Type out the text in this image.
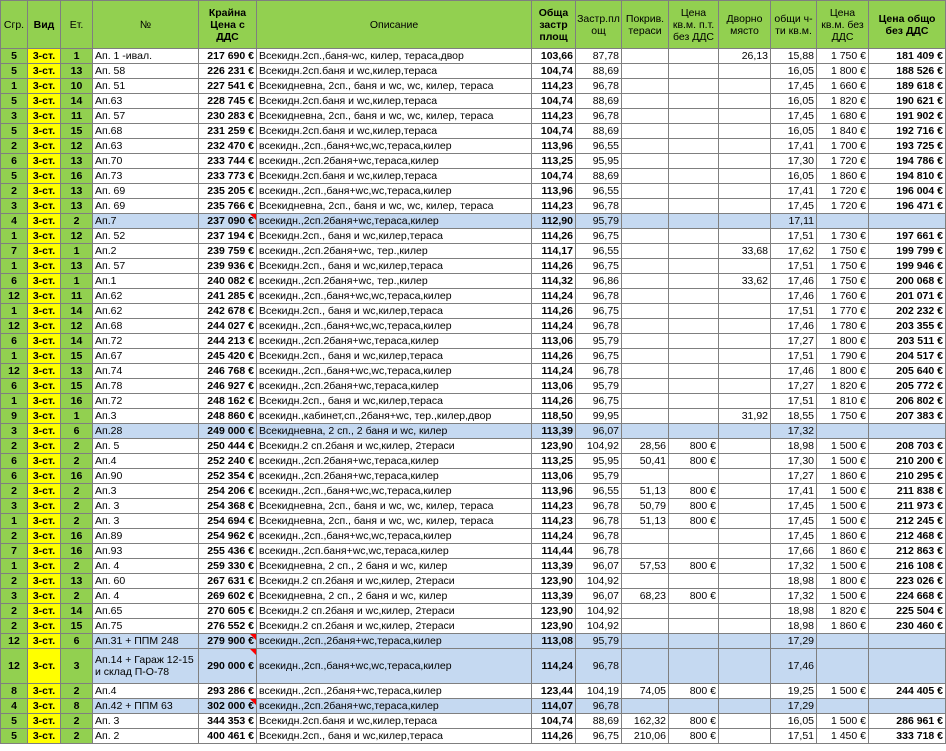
Сгр.	Вид	Ет.	№	Крайна Цена с ДДС	Описание	Обща застр площ	Застр.пл ощ	Покрив. тераси	Цена кв.м. п.т. без ДДС	Дворно място	общи ч-ти кв.м.	Цена кв.м. без ДДС	Цена общо без ДДС
5	3-ст.	1	Ап. 1 -ивал.	217 690 €	Всекидн.2сп.,баня-wc, килер, тераса,двор	103,66	87,78			26,13	15,88	1 750 €	181 409 €
5	3-ст.	13	Ап. 58	226 231 €	Всекидн.2сп.баня и wc,килер,тераса	104,74	88,69				16,05	1 800 €	188 526 €
1	3-ст.	10	Ап. 51	227 541 €	Всекидневна, 2сп., баня и wc, wc, килер, тераса	114,23	96,78				17,45	1 660 €	189 618 €
5	3-ст.	14	Ап.63	228 745 €	Всекидн.2сп.баня и wc,килер,тераса	104,74	88,69				16,05	1 820 €	190 621 €
3	3-ст.	11	Ап. 57	230 283 €	Всекидневна, 2сп., баня и wc, wc, килер, тераса	114,23	96,78				17,45	1 680 €	191 902 €
5	3-ст.	15	Ап.68	231 259 €	Всекидн.2сп.баня и wc,килер,тераса	104,74	88,69				16,05	1 840 €	192 716 €
2	3-ст.	12	Ап.63	232 470 €	всекидн.,2сп.,баня+wc,wc,тераса,килер	113,96	96,55				17,41	1 700 €	193 725 €
6	3-ст.	13	Ап.70	233 744 €	всекидн.,2сп.2баня+wc,тераса,килер	113,25	95,95				17,30	1 720 €	194 786 €
5	3-ст.	16	Ап.73	233 773 €	Всекидн.2сп.баня и wc,килер,тераса	104,74	88,69				16,05	1 860 €	194 810 €
2	3-ст.	13	Ап. 69	235 205 €	всекидн.,2сп.,баня+wc,wc,тераса,килер	113,96	96,55				17,41	1 720 €	196 004 €
3	3-ст.	13	Ап. 69	235 766 €	Всекидневна, 2сп., баня и wc, wc, килер, тераса	114,23	96,78				17,45	1 720 €	196 471 €
4	3-ст.	2	Ап.7	237 090 €	всекидн.,2сп.2баня+wc,тераса,килер	112,90	95,79				17,11		
1	3-ст.	12	Ап. 52	237 194 €	Всекидн.2сп., баня и wc,килер,тераса	114,26	96,75				17,51	1 730 €	197 661 €
7	3-ст.	1	Ап.2	239 759 €	всекидн.,2сп.2баня+wc, тер.,килер	114,17	96,55			33,68	17,62	1 750 €	199 799 €
1	3-ст.	13	Ап. 57	239 936 €	Всекидн.2сп., баня и wc,килер,тераса	114,26	96,75				17,51	1 750 €	199 946 €
6	3-ст.	1	Ап.1	240 082 €	всекидн.,2сп.2баня+wc, тер.,килер	114,32	96,86			33,62	17,46	1 750 €	200 068 €
12	3-ст.	11	Ап.62	241 285 €	всекидн.,2сп.,баня+wc,wc,тераса,килер	114,24	96,78				17,46	1 760 €	201 071 €
1	3-ст.	14	Ап.62	242 678 €	Всекидн.2сп., баня и wc,килер,тераса	114,26	96,75				17,51	1 770 €	202 232 €
12	3-ст.	12	Ап.68	244 027 €	всекидн.,2сп.,баня+wc,wc,тераса,килер	114,24	96,78				17,46	1 780 €	203 355 €
6	3-ст.	14	Ап.72	244 213 €	всекидн.,2сп.2баня+wc,тераса,килер	113,06	95,79				17,27	1 800 €	203 511 €
1	3-ст.	15	Ап.67	245 420 €	Всекидн.2сп., баня и wc,килер,тераса	114,26	96,75				17,51	1 790 €	204 517 €
12	3-ст.	13	Ап.74	246 768 €	всекидн.,2сп.,баня+wc,wc,тераса,килер	114,24	96,78				17,46	1 800 €	205 640 €
6	3-ст.	15	Ап.78	246 927 €	всекидн.,2сп.2баня+wc,тераса,килер	113,06	95,79				17,27	1 820 €	205 772 €
1	3-ст.	16	Ап.72	248 162 €	Всекидн.2сп., баня и wc,килер,тераса	114,26	96,75				17,51	1 810 €	206 802 €
9	3-ст.	1	Ап.3	248 860 €	всекидн.,кабинет,сп.,2баня+wc, тер.,килер,двор	118,50	99,95			31,92	18,55	1 750 €	207 383 €
3	3-ст.	6	Ап.28	249 000 €	Всекидневна, 2 сп., 2 баня и wc, килер	113,39	96,07				17,32		
2	3-ст.	2	Ап. 5	250 444 €	Всекидн.2 сп.2баня и wc,килер, 2тераси	123,90	104,92	28,56	800 €		18,98	1 500 €	208 703 €
6	3-ст.	2	Ап.4	252 240 €	всекидн.,2сп.2баня+wc,тераса,килер	113,25	95,95	50,41	800 €		17,30	1 500 €	210 200 €
6	3-ст.	16	Ап.90	252 354 €	всекидн.,2сп.2баня+wc,тераса,килер	113,06	95,79				17,27	1 860 €	210 295 €
2	3-ст.	2	Ап.3	254 206 €	всекидн.,2сп.,баня+wc,wc,тераса,килер	113,96	96,55	51,13	800 €		17,41	1 500 €	211 838 €
3	3-ст.	2	Ап. 3	254 368 €	Всекидневна, 2сп., баня и wc, wc, килер, тераса	114,23	96,78	50,79	800 €		17,45	1 500 €	211 973 €
1	3-ст.	2	Ап. 3	254 694 €	Всекидневна, 2сп., баня и wc, wc, килер, тераса	114,23	96,78	51,13	800 €		17,45	1 500 €	212 245 €
2	3-ст.	16	Ап.89	254 962 €	всекидн.,2сп.,баня+wc,wc,тераса,килер	114,24	96,78				17,45	1 860 €	212 468 €
7	3-ст.	16	Ап.93	255 436 €	всекидн.,2сп.баня+wc,wc,тераса,килер	114,44	96,78				17,66	1 860 €	212 863 €
1	3-ст.	2	Ап. 4	259 330 €	Всекидневна, 2 сп., 2 баня и wc, килер	113,39	96,07	57,53	800 €		17,32	1 500 €	216 108 €
2	3-ст.	13	Ап. 60	267 631 €	Всекидн.2 сп.2баня и wc,килер, 2тераси	123,90	104,92				18,98	1 800 €	223 026 €
3	3-ст.	2	Ап. 4	269 602 €	Всекидневна, 2 сп., 2 баня и wc, килер	113,39	96,07	68,23	800 €		17,32	1 500 €	224 668 €
2	3-ст.	14	Ап.65	270 605 €	Всекидн.2 сп.2баня и wc,килер, 2тераси	123,90	104,92				18,98	1 820 €	225 504 €
2	3-ст.	15	Ап.75	276 552 €	Всекидн.2 сп.2баня и wc,килер, 2тераси	123,90	104,92				18,98	1 860 €	230 460 €
12	3-ст.	6	Ап.31 + ППМ 248	279 900 €	всекидн.,2сп.,2баня+wc,тераса,килер	113,08	95,79				17,29		
12	3-ст.	3	Ап.14 + Гараж 12-15 и склад П-О-78	290 000 €	всекидн.,2сп.,баня+wc,wc,тераса,килер	114,24	96,78				17,46		
8	3-ст.	2	Ап.4	293 286 €	всекидн.,2сп.,2баня+wc,тераса,килер	123,44	104,19	74,05	800 €		19,25	1 500 €	244 405 €
4	3-ст.	8	Ап.42 + ППМ 63	302 000 €	всекидн.,2сп.2баня+wc,тераса,килер	114,07	96,78				17,29		
5	3-ст.	2	Ап. 3	344 353 €	Всекидн.2сп.баня и wc,килер,тераса	104,74	88,69	162,32	800 €		16,05	1 500 €	286 961 €
5	3-ст.	2	Ап. 2	400 461 €	Всекидн.2сп., баня и wc,килер,тераса	114,26	96,75	210,06	800 €		17,51	1 450 €	333 718 €
